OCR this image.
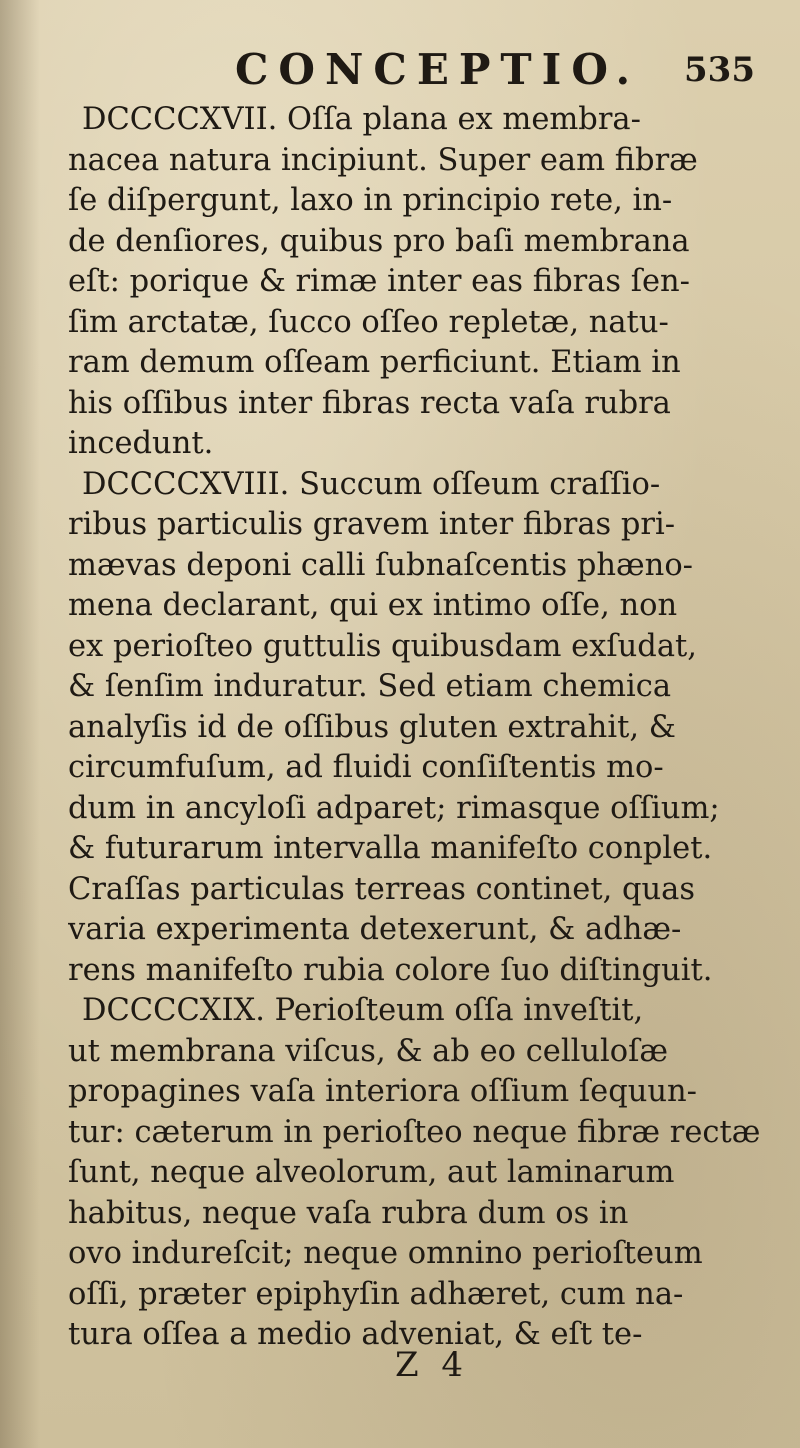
CONCEPTIO. 535
DCCCCXVII. Oſſa plana ex membra-
nacea natura incipiunt. Super eam fibræ
ſe diſpergunt, laxo in principio rete, in-
de denſiores, quibus pro baſi membrana
eſt: porique & rimæ inter eas fibras ſen-
ſim arctatæ, ſucco oſſeo repletæ, natu-
ram demum oſſeam perficiunt. Etiam in
his oſſibus inter fibras recta vaſa rubra
incedunt.
DCCCCXVIII. Succum oſſeum craſſio-
ribus particulis gravem inter fibras pri-
mævas deponi calli ſubnaſcentis phæno-
mena declarant, qui ex intimo oſſe, non
ex perioſteo guttulis quibusdam exſudat,
& ſenſim induratur. Sed etiam chemica
analyſis id de oſſibus gluten extrahit, &
circumfuſum, ad fluidi conſiſtentis mo-
dum in ancyloſi adparet; rimasque oſſium;
& futurarum intervalla manifeſto conplet.
Craſſas particulas terreas continet, quas
varia experimenta detexerunt, & adhæ-
rens manifeſto rubia colore ſuo diſtinguit.
DCCCCXIX. Perioſteum oſſa inveſtit,
ut membrana viſcus, & ab eo celluloſæ
propagines vaſa interiora oſſium ſequun-
tur: cæterum in perioſteo neque fibræ rectæ
ſunt, neque alveolorum, aut laminarum
habitus, neque vaſa rubra dum os in
ovo indureſcit; neque omnino perioſteum
oſſi, præter epiphyſin adhæret, cum na-
tura oſſea a medio adveniat, & eſt te-
Z 4
